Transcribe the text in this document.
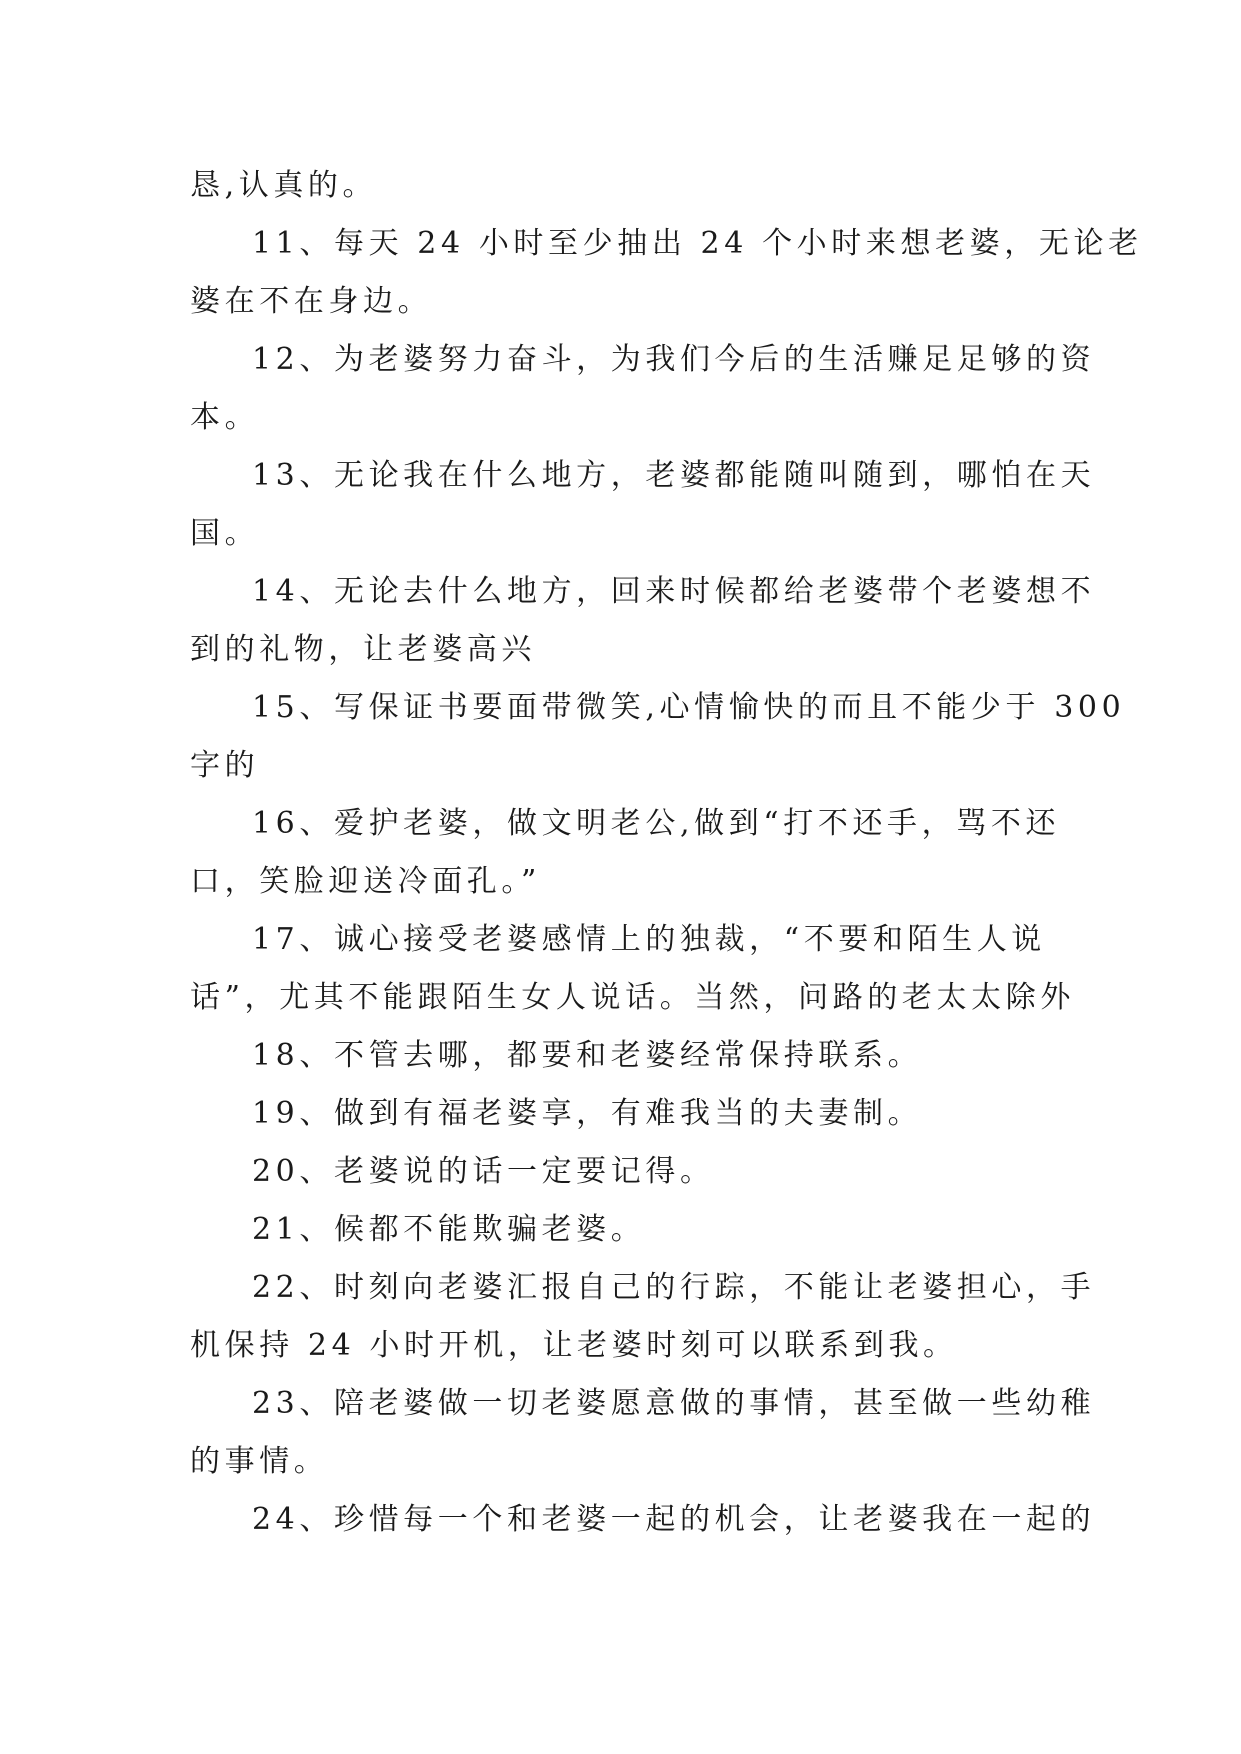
恳,认真的。
11、每天 24 小时至少抽出 24 个小时来想老婆，无论老
婆在不在身边。
12、为老婆努力奋斗，为我们今后的生活赚足足够的资
本。
13、无论我在什么地方，老婆都能随叫随到，哪怕在天
国。
14、无论去什么地方，回来时候都给老婆带个老婆想不
到的礼物，让老婆高兴
15、写保证书要面带微笑,心情愉快的而且不能少于 300
字的
16、爱护老婆，做文明老公,做到“打不还手，骂不还
口，笑脸迎送冷面孔。”
17、诚心接受老婆感情上的独裁，“不要和陌生人说
话”，尤其不能跟陌生女人说话。当然，问路的老太太除外
18、不管去哪，都要和老婆经常保持联系。
19、做到有福老婆享，有难我当的夫妻制。
20、老婆说的话一定要记得。
21、候都不能欺骗老婆。
22、时刻向老婆汇报自己的行踪，不能让老婆担心，手
机保持 24 小时开机，让老婆时刻可以联系到我。
23、陪老婆做一切老婆愿意做的事情，甚至做一些幼稚
的事情。
24、珍惜每一个和老婆一起的机会，让老婆我在一起的
